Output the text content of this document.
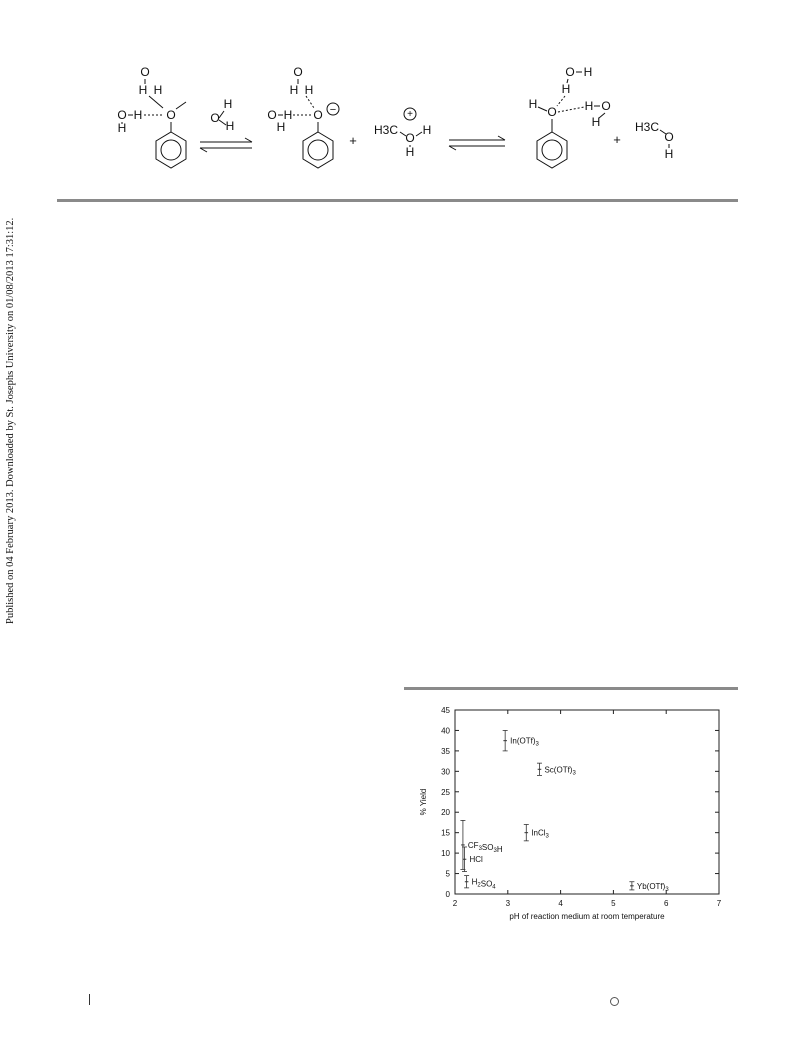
Published on 04 February 2013. Downloaded by St. Josephs University on 01/08/2013 17:31:12.
O
H H
O H
H
O
H
O
H
O
H H
O H
H
O −
+
H3C
+
O
H
H
O H
H
H
O H O
H
+
H3C
O
H
2	3	4	5	6	7
0
5
10
15
20
25
30
35
40
45
$In(OTf)_3$
$Sc(OTf)_3$
InCl$_3$
$CF_3SO_3H$
HCl
$H_2SO_4$	$Yb(OTf)_3$
pH of reaction medium at room temperature
% Yield
